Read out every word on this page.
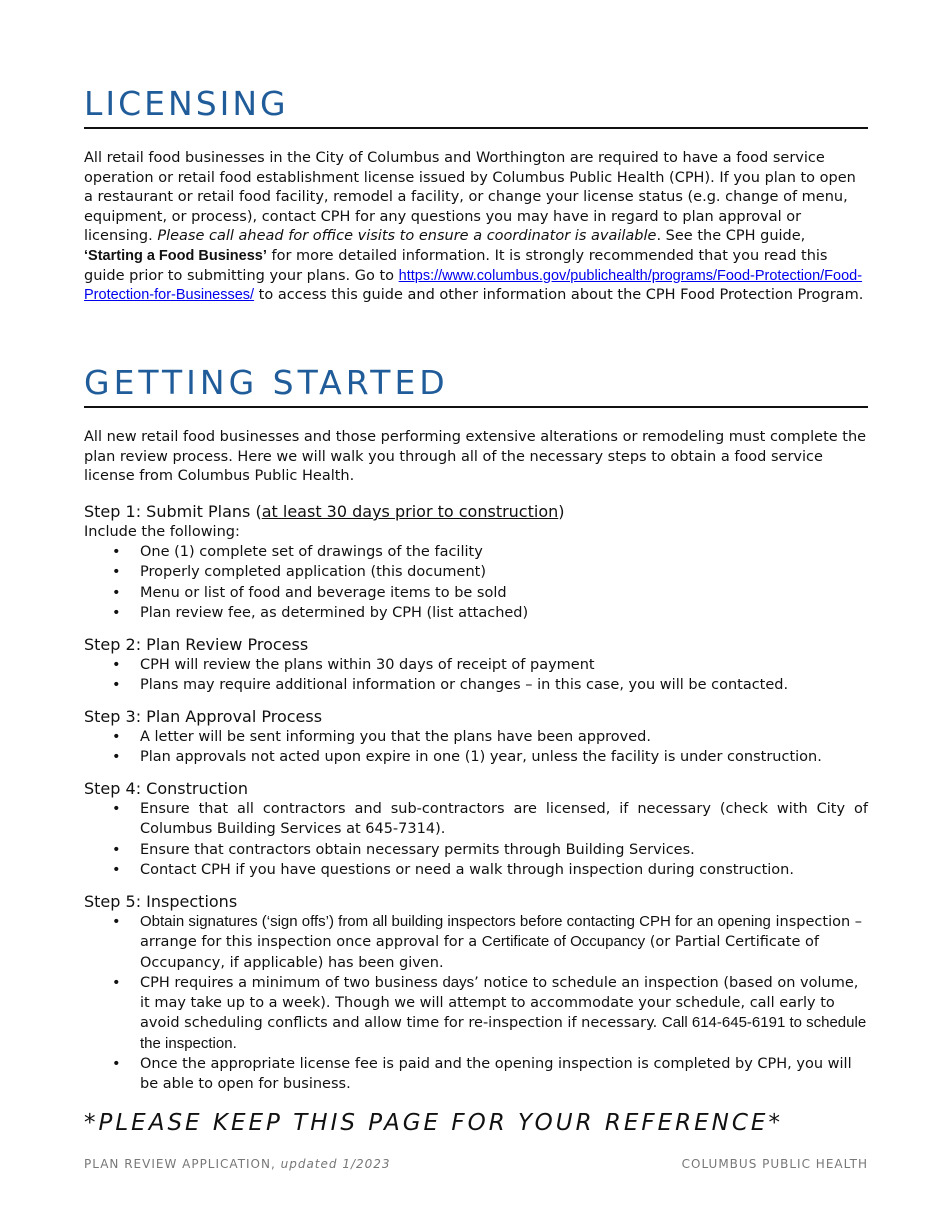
LICENSING

All retail food businesses in the City of Columbus and Worthington are required to have a food service operation or retail food establishment license issued by Columbus Public Health (CPH). If you plan to open a restaurant or retail food facility, remodel a facility, or change your license status (e.g. change of menu, equipment, or process), contact CPH for any questions you may have in regard to plan approval or licensing. Please call ahead for office visits to ensure a coordinator is available. See the CPH guide, ‘Starting a Food Business’ for more detailed information. It is strongly recommended that you read this guide prior to submitting your plans. Go to https://www.columbus.gov/publichealth/programs/Food-Protection/Food-Protection-for-Businesses/ to access this guide and other information about the CPH Food Protection Program.

GETTING STARTED

All new retail food businesses and those performing extensive alterations or remodeling must complete the plan review process. Here we will walk you through all of the necessary steps to obtain a food service license from Columbus Public Health.

Step 1: Submit Plans (at least 30 days prior to construction)

Include the following:

• One (1) complete set of drawings of the facility
• Properly completed application (this document)
• Menu or list of food and beverage items to be sold
• Plan review fee, as determined by CPH (list attached)

Step 2: Plan Review Process

• CPH will review the plans within 30 days of receipt of payment
• Plans may require additional information or changes – in this case, you will be contacted.

Step 3: Plan Approval Process

• A letter will be sent informing you that the plans have been approved.
• Plan approvals not acted upon expire in one (1) year, unless the facility is under construction.

Step 4: Construction

• Ensure that all contractors and sub-contractors are licensed, if necessary (check with City of Columbus Building Services at 645-7314).
• Ensure that contractors obtain necessary permits through Building Services.
• Contact CPH if you have questions or need a walk through inspection during construction.

Step 5: Inspections

• Obtain signatures (‘sign offs’) from all building inspectors before contacting CPH for an opening inspection – arrange for this inspection once approval for a Certificate of Occupancy (or Partial Certificate of Occupancy, if applicable) has been given.
• CPH requires a minimum of two business days’ notice to schedule an inspection (based on volume, it may take up to a week). Though we will attempt to accommodate your schedule, call early to avoid scheduling conflicts and allow time for re-inspection if necessary. Call 614-645-6191 to schedule the inspection.
• Once the appropriate license fee is paid and the opening inspection is completed by CPH, you will be able to open for business.
*PLEASE KEEP THIS PAGE FOR YOUR REFERENCE*
PLAN REVIEW APPLICATION, updated 1/2023	COLUMBUS PUBLIC HEALTH
